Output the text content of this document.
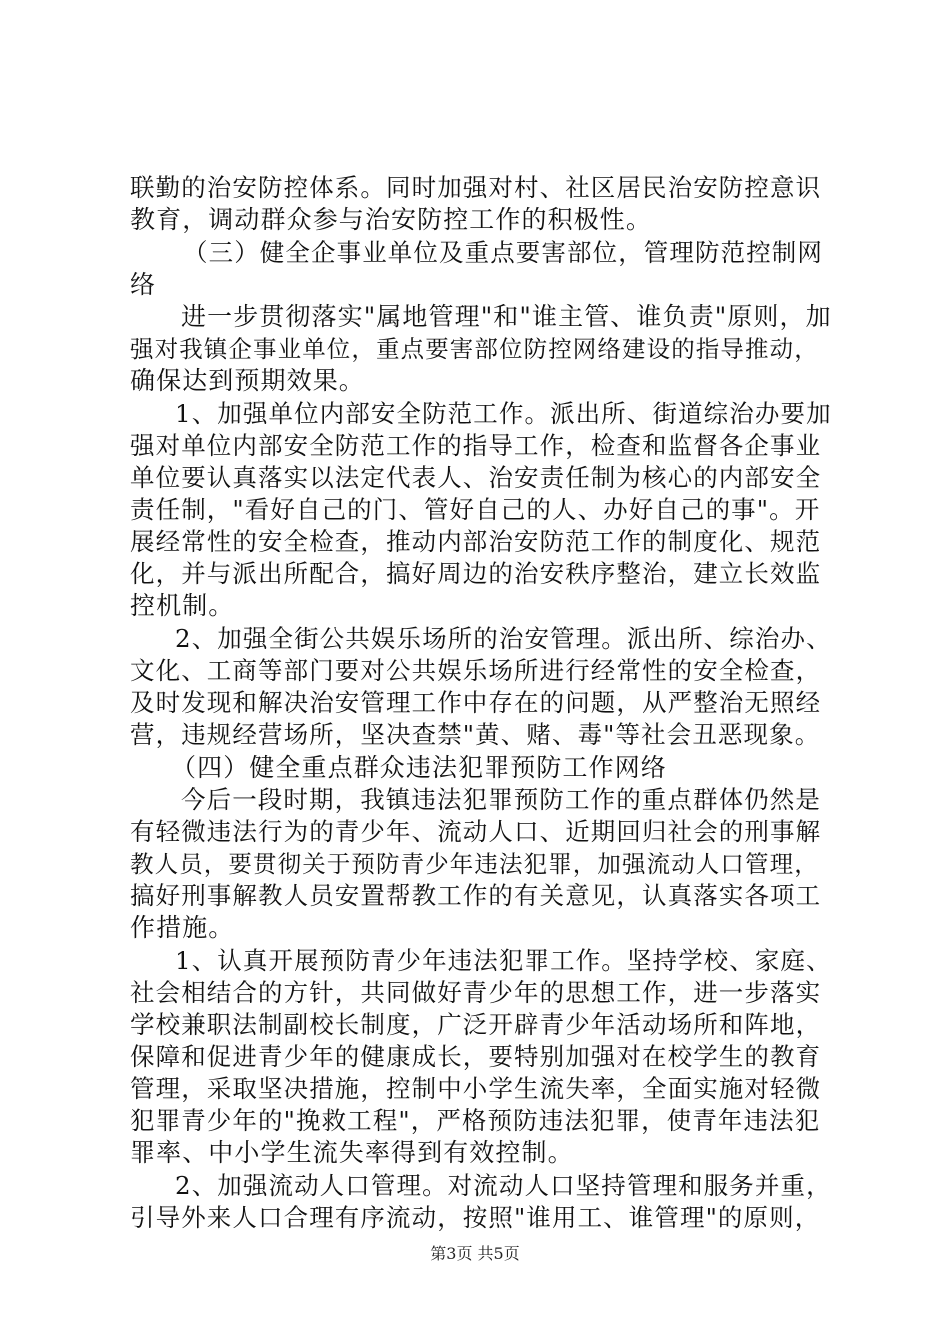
联勤的治安防控体系。同时加强对村、社区居民治安防控意识
教育，调动群众参与治安防控工作的积极性。
（三）健全企事业单位及重点要害部位，管理防范控制网
络
进一步贯彻落实"属地管理"和"谁主管、谁负责"原则，加
强对我镇企事业单位，重点要害部位防控网络建设的指导推动，
确保达到预期效果。
1、加强单位内部安全防范工作。派出所、街道综治办要加
强对单位内部安全防范工作的指导工作，检查和监督各企事业
单位要认真落实以法定代表人、治安责任制为核心的内部安全
责任制，"看好自己的门、管好自己的人、办好自己的事"。开
展经常性的安全检查，推动内部治安防范工作的制度化、规范
化，并与派出所配合，搞好周边的治安秩序整治，建立长效监
控机制。
2、加强全街公共娱乐场所的治安管理。派出所、综治办、
文化、工商等部门要对公共娱乐场所进行经常性的安全检查，
及时发现和解决治安管理工作中存在的问题，从严整治无照经
营，违规经营场所，坚决查禁"黄、赌、毒"等社会丑恶现象。
（四）健全重点群众违法犯罪预防工作网络
今后一段时期，我镇违法犯罪预防工作的重点群体仍然是
有轻微违法行为的青少年、流动人口、近期回归社会的刑事解
教人员，要贯彻关于预防青少年违法犯罪，加强流动人口管理，
搞好刑事解教人员安置帮教工作的有关意见，认真落实各项工
作措施。
1、认真开展预防青少年违法犯罪工作。坚持学校、家庭、
社会相结合的方针，共同做好青少年的思想工作，进一步落实
学校兼职法制副校长制度，广泛开辟青少年活动场所和阵地，
保障和促进青少年的健康成长，要特别加强对在校学生的教育
管理，采取坚决措施，控制中小学生流失率，全面实施对轻微
犯罪青少年的"挽救工程"，严格预防违法犯罪，使青年违法犯
罪率、中小学生流失率得到有效控制。
2、加强流动人口管理。对流动人口坚持管理和服务并重，
引导外来人口合理有序流动，按照"谁用工、谁管理"的原则，
第3页 共5页
